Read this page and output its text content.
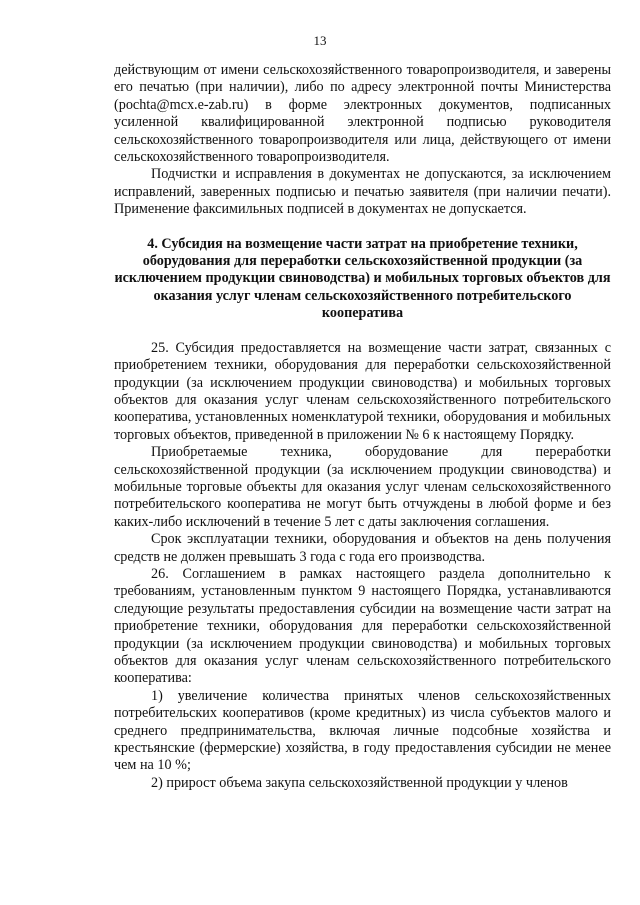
13

действующим от имени сельскохозяйственного товаропроизводителя, и заверены его печатью (при наличии), либо по адресу электронной почты Министерства (pochta@mcx.e-zab.ru) в форме электронных документов, подписанных усиленной квалифицированной электронной подписью руководителя сельскохозяйственного товаропроизводителя или лица, действующего от имени сельскохозяйственного товаропроизводителя.

Подчистки и исправления в документах не допускаются, за исключением исправлений, заверенных подписью и печатью заявителя (при наличии печати). Применение факсимильных подписей в документах не допускается.

4. Субсидия на возмещение части затрат на приобретение техники, оборудования для переработки сельскохозяйственной продукции (за исключением продукции свиноводства) и мобильных торговых объектов для оказания услуг членам сельскохозяйственного потребительского кооператива

25. Субсидия предоставляется на возмещение части затрат, связанных с приобретением техники, оборудования для переработки сельскохозяйственной продукции (за исключением продукции свиноводства) и мобильных торговых объектов для оказания услуг членам сельскохозяйственного потребительского кооператива, установленных номенклатурой техники, оборудования и мобильных торговых объектов, приведенной в приложении № 6 к настоящему Порядку.

Приобретаемые техника, оборудование для переработки сельскохозяйственной продукции (за исключением продукции свиноводства) и мобильные торговые объекты для оказания услуг членам сельскохозяйственного потребительского кооператива не могут быть отчуждены в любой форме и без каких-либо исключений в течение 5 лет с даты заключения соглашения.

Срок эксплуатации техники, оборудования и объектов на день получения средств не должен превышать 3 года с года его производства.

26. Соглашением в рамках настоящего раздела дополнительно к требованиям, установленным пунктом 9 настоящего Порядка, устанавливаются следующие результаты предоставления субсидии на возмещение части затрат на приобретение техники, оборудования для переработки сельскохозяйственной продукции (за исключением продукции свиноводства) и мобильных торговых объектов для оказания услуг членам сельскохозяйственного потребительского кооператива:

1) увеличение количества принятых членов сельскохозяйственных потребительских кооперативов (кроме кредитных) из числа субъектов малого и среднего предпринимательства, включая личные подсобные хозяйства и крестьянские (фермерские) хозяйства, в году предоставления субсидии не менее чем на 10 %;

2) прирост объема закупа сельскохозяйственной продукции у членов
